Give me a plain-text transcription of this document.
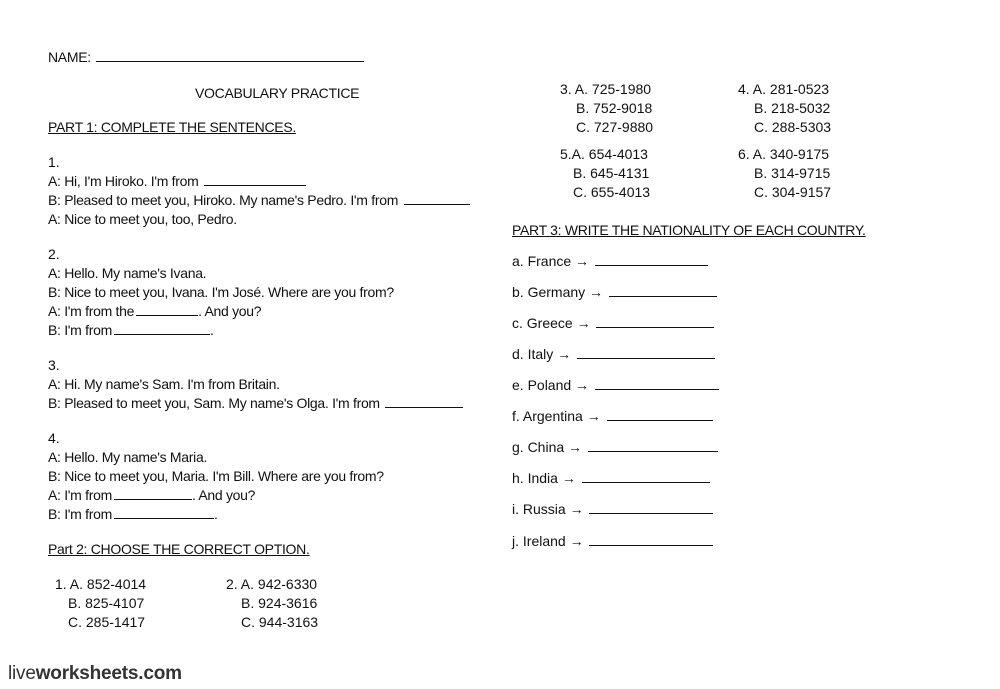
NAME:
VOCABULARY PRACTICE
PART 1: COMPLETE THE SENTENCES.
1.
A: Hi, I'm Hiroko. I'm from
B: Pleased to meet you, Hiroko. My name's Pedro. I'm from
A: Nice to meet you, too, Pedro.
2.
A: Hello. My name's Ivana.
B: Nice to meet you, Ivana. I'm José. Where are you from?
A: I'm from the	. And you?
B: I'm from	.
3.
A: Hi. My name's Sam. I'm from Britain.
B: Pleased to meet you, Sam. My name's Olga. I'm from
4.
A: Hello. My name's Maria.
B: Nice to meet you, Maria. I'm Bill. Where are you from?
A: I'm from	. And you?
B: I'm from	.
Part 2: CHOOSE THE CORRECT OPTION.
1. A. 852-4014
B. 825-4107
C. 285-1417
2. A. 942-6330
B. 924-3616
C. 944-3163
3. A. 725-1980
B. 752-9018
C. 727-9880
4. A. 281-0523
B. 218-5032
C. 288-5303
5.A. 654-4013
B. 645-4131
C. 655-4013
6. A. 340-9175
B. 314-9715
C. 304-9157
PART 3: WRITE THE NATIONALITY OF EACH COUNTRY.
a. France →
b. Germany →
c. Greece →
d. Italy →
e. Poland →
f. Argentina →
g. China →
h. India →
i. Russia →
j. Ireland →
liveworksheets.com
